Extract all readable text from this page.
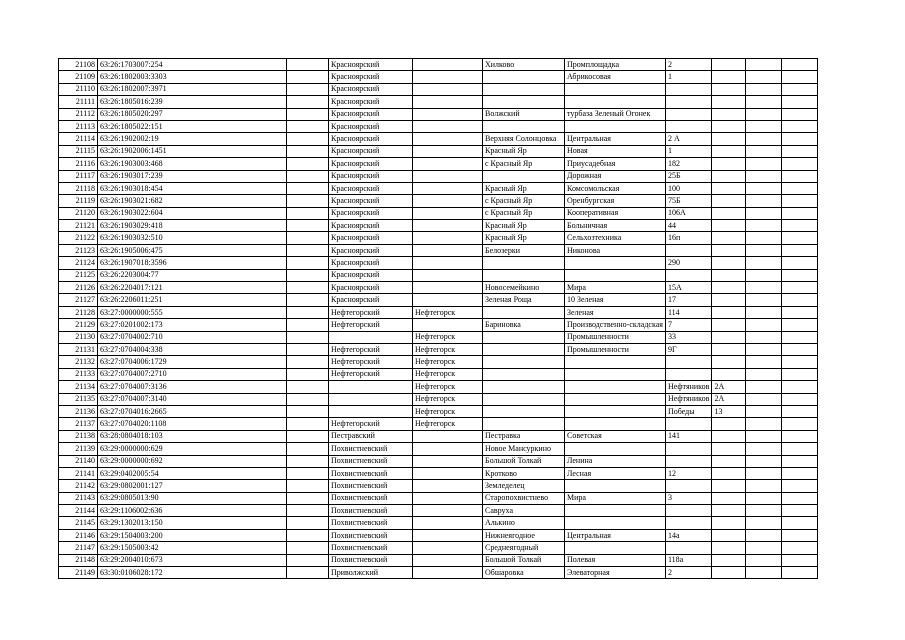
21108	63:26:1703007:254		Красноярский		Хилково	Промплощадка	2			
21109	63:26:1802003:3303		Красноярский			Абрикосовая	1			
21110	63:26:1802007:3971		Красноярский							
21111	63:26:1805016:239		Красноярский							
21112	63:26:1805020:297		Красноярский		Волжский	турбаза Зеленый Огонек				
21113	63:26:1805022:151		Красноярский							
21114	63:26:1902002:19		Красноярский		Верхняя Солонцовка	Центральная	2 А			
21115	63:26:1902006:1451		Красноярский		Красный Яр	Новая	1			
21116	63:26:1903003:468		Красноярский		с Красный Яр	Приусадебная	182			
21117	63:26:1903017:239		Красноярский			Дорожная	25Б			
21118	63:26:1903018:454		Красноярский		Красный Яр	Комсомольская	100			
21119	63:26:1903021:682		Красноярский		с Красный Яр	Оренбургская	75Б			
21120	63:26:1903022:604		Красноярский		с Красный Яр	Кооперативная	106А			
21121	63:26:1903029:418		Красноярский		Красный Яр	Больничная	44			
21122	63:26:1903032:510		Красноярский		Красный Яр	Сельхозтехника	16п			
21123	63:26:1905006:475		Красноярский		Белозерки	Никонова				
21124	63:26:1907018:3596		Красноярский				290			
21125	63:26:2203004:77		Красноярский							
21126	63:26:2204017:121		Красноярский		Новосемейкино	Мира	15А			
21127	63:26:2206011:251		Красноярский		Зеленая Роща	10 Зеленая	17			
21128	63:27:0000000:555		Нефтегорский	Нефтегорск		Зеленая	114			
21129	63:27:0201002:173		Нефтегорский		Бариновка	Производственно-складская	7			
21130	63:27:0704002:710			Нефтегорск		Промышленности	33			
21131	63:27:0704004:338		Нефтегорский	Нефтегорск		Промышленности	9Г			
21132	63:27:0704006:1729		Нефтегорский	Нефтегорск						
21133	63:27:0704007:2710		Нефтегорский	Нефтегорск						
21134	63:27:0704007:3136			Нефтегорск			Нефтяников	2А		
21135	63:27:0704007:3140			Нефтегорск			Нефтяников	2А		
21136	63:27:0704016:2665			Нефтегорск			Победы	13		
21137	63:27:0704020:1108		Нефтегорский	Нефтегорск						
21138	63:28:0804018:103		Пестравский		Пестравка	Советская	141			
21139	63:29:0000000:629		Похвистневский		Новое Мансуркино					
21140	63:29:0000000:692		Похвистневский		Большой Толкай	Ленина				
21141	63:29:0402005:54		Похвистневский		Кротково	Лесная	12			
21142	63:29:0802001:127		Похвистневский		Земледелец					
21143	63:29:0805013:90		Похвистневский		Старопохвистнево	Мира	3			
21144	63:29:1106002:636		Похвистневский		Савруха					
21145	63:29:1302013:150		Похвистневский		Алькино					
21146	63:29:1504003:200		Похвистневский		Нижнеягодное	Центральная	14а			
21147	63:29:1505003:42		Похвистневский		Среднеягодный					
21148	63:29:2004010:673		Похвистневский		Большой Толкай	Полевая	118а			
21149	63:30:0106028:172		Приволжский		Обшаровка	Элеваторная	2			
